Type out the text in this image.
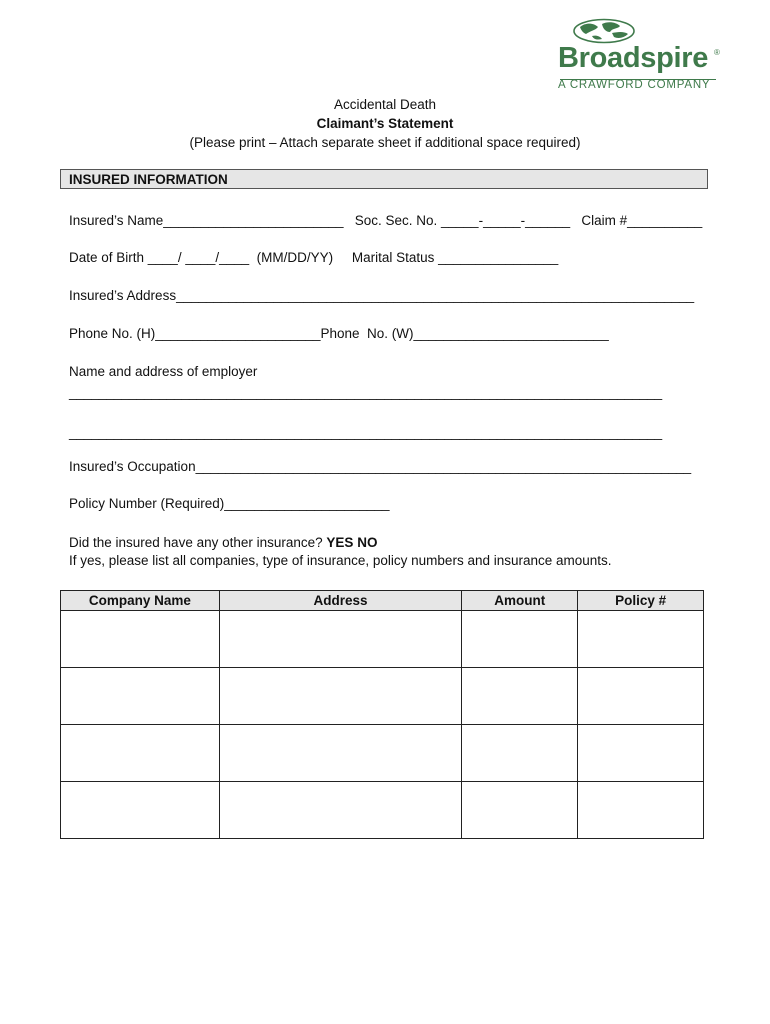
Broadspire ®
A CRAWFORD COMPANY
Accidental Death
Claimant’s Statement
(Please print – Attach separate sheet if additional space required)
INSURED INFORMATION
Insured’s Name________________________   Soc. Sec. No. _____-_____-______   Claim #__________
Date of Birth ____/ ____/____  (MM/DD/YY)     Marital Status ________________
Insured’s Address_____________________________________________________________________
Phone No. (H)______________________Phone  No. (W)__________________________
Name and address of employer
_______________________________________________________________________________
_______________________________________________________________________________
Insured’s Occupation__________________________________________________________________
Policy Number (Required)______________________
Did the insured have any other insurance? YES NO
If yes, please list all companies, type of insurance, policy numbers and insurance amounts.
Company Name	Address	Amount	Policy #
